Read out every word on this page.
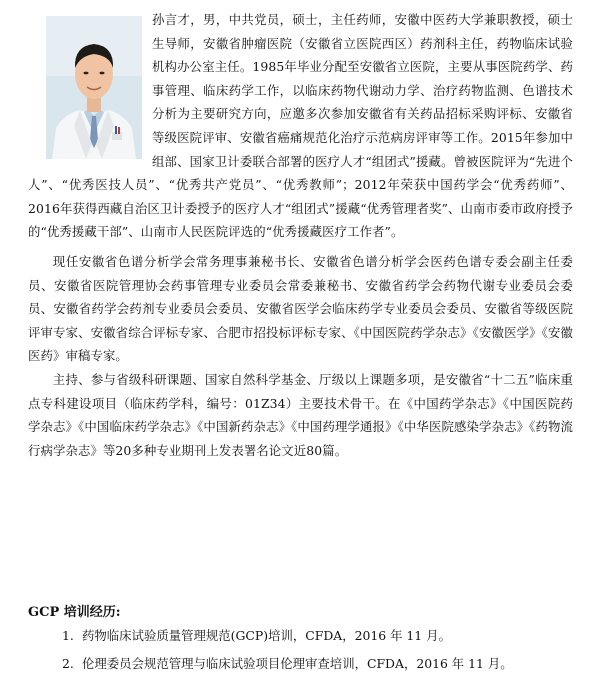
孙言才，男，中共党员，硕士，主任药师，安徽中医药大学兼职教授，硕士生导师，安徽省肿瘤医院（安徽省立医院西区）药剂科主任，药物临床试验机构办公室主任。1985年毕业分配至安徽省立医院，主要从事医院药学、药事管理、临床药学工作，以临床药物代谢动力学、治疗药物监测、色谱技术分析为主要研究方向，应邀多次参加安徽省有关药品招标采购评标、安徽省等级医院评审、安徽省癌痛规范化治疗示范病房评审等工作。2015年参加中组部、国家卫计委联合部署的医疗人才“组团式”援藏。曾被医院评为“先进个人”、“优秀医技人员”、“优秀共产党员”、“优秀教师”；2012年荣获中国药学会“优秀药师”、2016年获得西藏自治区卫计委授予的医疗人才“组团式”援藏“优秀管理者奖”、山南市委市政府授予的“优秀援藏干部”、山南市人民医院评选的“优秀援藏医疗工作者”。

现任安徽省色谱分析学会常务理事兼秘书长、安徽省色谱分析学会医药色谱专委会副主任委员、安徽省医院管理协会药事管理专业委员会常委兼秘书、安徽省药学会药物代谢专业委员会委员、安徽省药学会药剂专业委员会委员、安徽省医学会临床药学专业委员会委员、安徽省等级医院评审专家、安徽省综合评标专家、合肥市招投标评标专家、《中国医院药学杂志》《安徽医学》《安徽医药》审稿专家。

主持、参与省级科研课题、国家自然科学基金、厅级以上课题多项，是安徽省“十二五”临床重点专科建设项目（临床药学科，编号：01Z34）主要技术骨干。在《中国药学杂志》《中国医院药学杂志》《中国临床药学杂志》《中国新药杂志》《中国药理学通报》《中华医院感染学杂志》《药物流行病学杂志》等20多种专业期刊上发表署名论文近80篇。

GCP 培训经历:

1. 药物临床试验质量管理规范(GCP)培训，CFDA，2016 年 11 月。
2. 伦理委员会规范管理与临床试验项目伦理审查培训，CFDA，2016 年 11 月。
